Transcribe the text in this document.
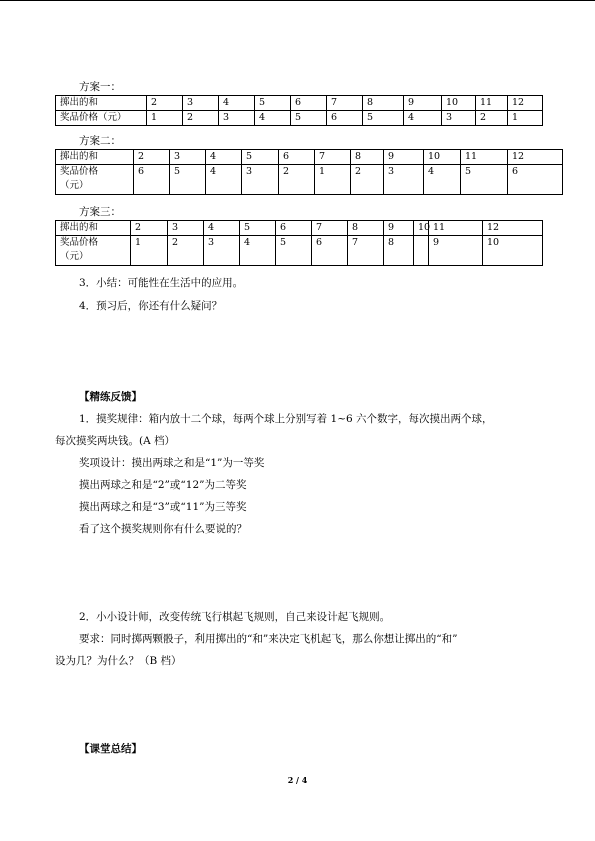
方案一：
掷出的和	2	3	4	5	6	7	8	9	10	11	12
奖品价格（元）	1	2	3	4	5	6	5	4	3	2	1
方案二：
掷出的和	2	3	4	5	6	7	8	9	10	11	12

奖品价格
（元）	6	5	4	3	2	1	2	3	4	5	6
方案三：
掷出的和	2	3	4	5	6	7	8	9	10	11	12	

奖品价格
（元）	1	2	3	4	5	6	7	8		9	10	
3．小结：可能性在生活中的应用。
4．预习后，你还有什么疑问？
【精练反馈】
1．摸奖规律：箱内放十二个球，每两个球上分别写着 1~6 六个数字，每次摸出两个球，
每次摸奖两块钱。(A 档）
奖项设计：摸出两球之和是“1”为一等奖
摸出两球之和是“2”或“12”为二等奖
摸出两球之和是“3”或“11”为三等奖
看了这个摸奖规则你有什么要说的？
2．小小设计师，改变传统飞行棋起飞规则，自己来设计起飞规则。
要求：同时掷两颗骰子，利用掷出的“和”来决定飞机起飞，那么你想让掷出的“和”
设为几？为什么？（B 档）
【课堂总结】
2 / 4
